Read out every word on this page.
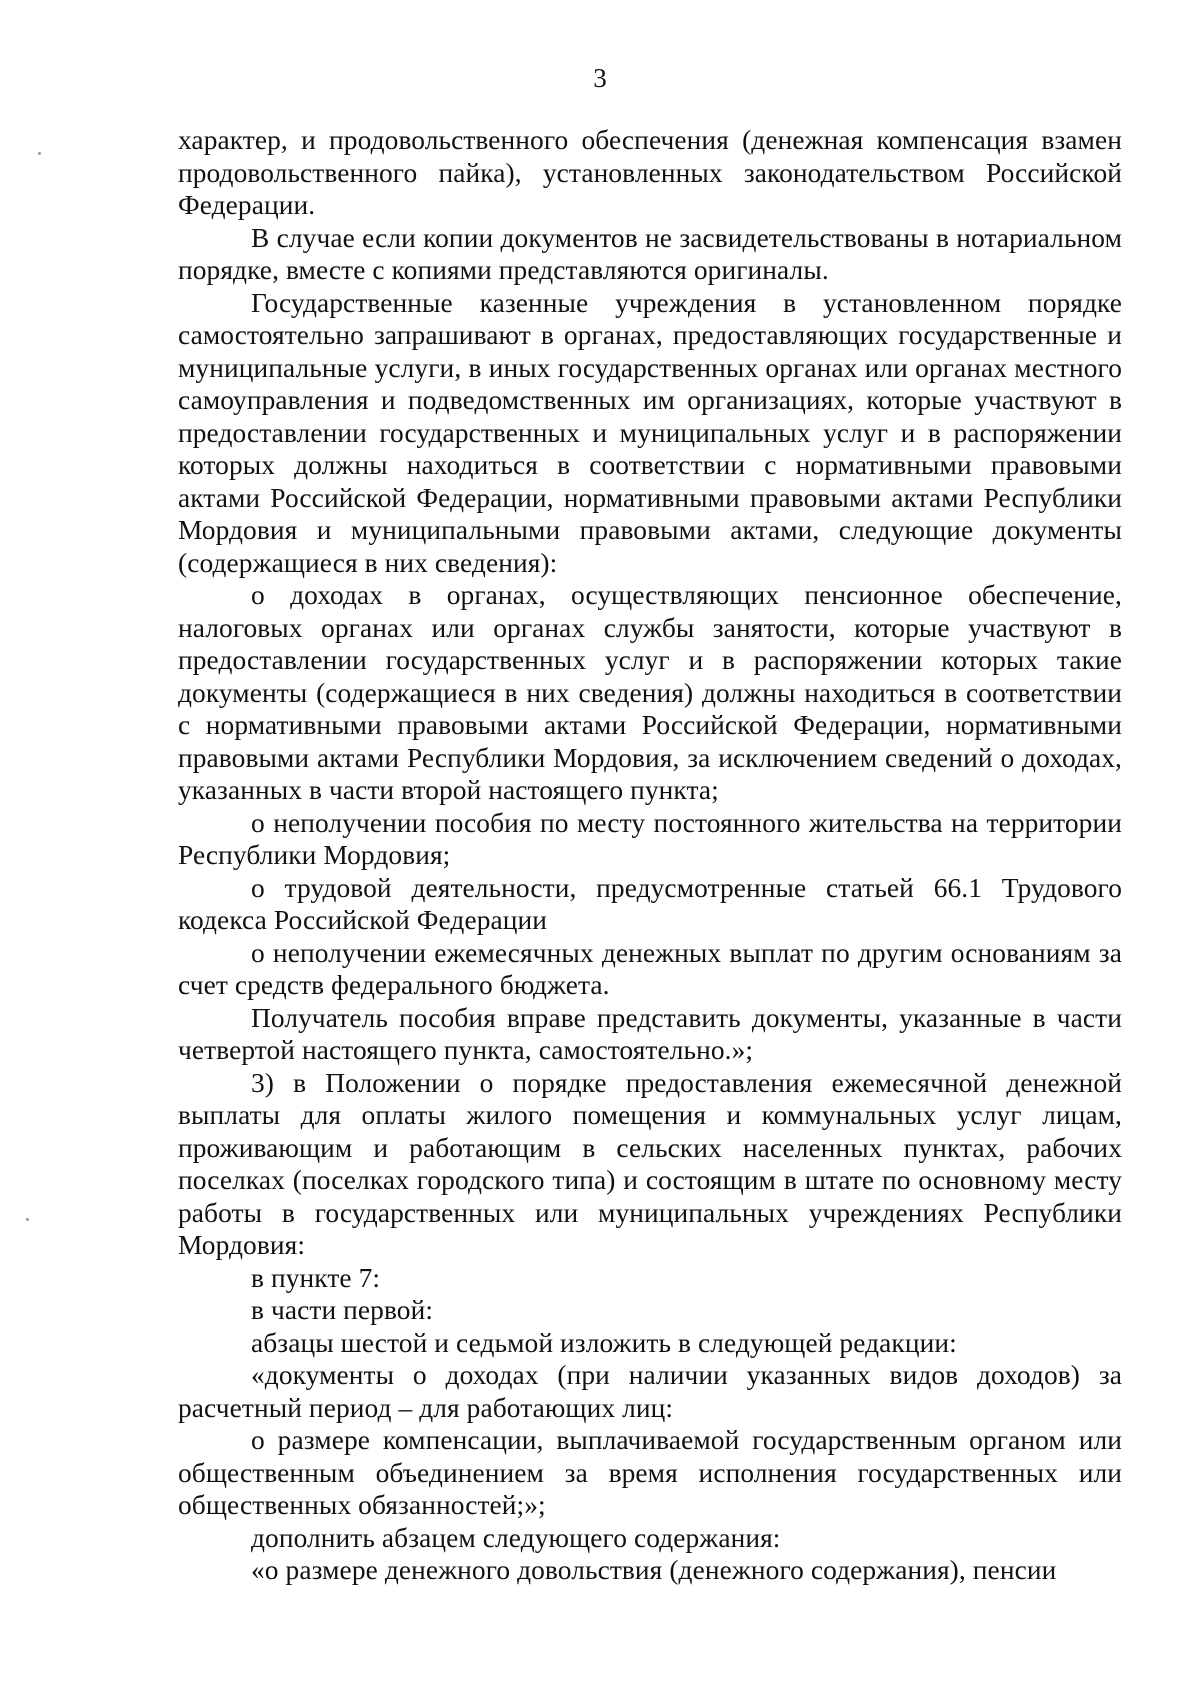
3

характер, и продовольственного обеспечения (денежная компенсация взамен продовольственного пайка), установленных законодательством Российской Федерации.

В случае если копии документов не засвидетельствованы в нотариальном порядке, вместе с копиями представляются оригиналы.

Государственные казенные учреждения в установленном порядке самостоятельно запрашивают в органах, предоставляющих государственные и муниципальные услуги, в иных государственных органах или органах местного самоуправления и подведомственных им организациях, которые участвуют в предоставлении государственных и муниципальных услуг и в распоряжении которых должны находиться в соответствии с нормативными правовыми актами Российской Федерации, нормативными правовыми актами Республики Мордовия и муниципальными правовыми актами, следующие документы (содержащиеся в них сведения):

о доходах в органах, осуществляющих пенсионное обеспечение, налоговых органах или органах службы занятости, которые участвуют в предоставлении государственных услуг и в распоряжении которых такие документы (содержащиеся в них сведения) должны находиться в соответствии с нормативными правовыми актами Российской Федерации, нормативными правовыми актами Республики Мордовия, за исключением сведений о доходах, указанных в части второй настоящего пункта;

о неполучении пособия по месту постоянного жительства на территории Республики Мордовия;

о трудовой деятельности, предусмотренные статьей 66.1 Трудового кодекса Российской Федерации

о неполучении ежемесячных денежных выплат по другим основаниям за счет средств федерального бюджета.

Получатель пособия вправе представить документы, указанные в части четвертой настоящего пункта, самостоятельно.»;

3) в Положении о порядке предоставления ежемесячной денежной выплаты для оплаты жилого помещения и коммунальных услуг лицам, проживающим и работающим в сельских населенных пунктах, рабочих поселках (поселках городского типа) и состоящим в штате по основному месту работы в государственных или муниципальных учреждениях Республики Мордовия:

в пункте 7:

в части первой:

абзацы шестой и седьмой изложить в следующей редакции:

«документы о доходах (при наличии указанных видов доходов) за расчетный период – для работающих лиц:

о размере компенсации, выплачиваемой государственным органом или общественным объединением за время исполнения государственных или общественных обязанностей;»;

дополнить абзацем следующего содержания:

«о размере денежного довольствия (денежного содержания), пенсии
